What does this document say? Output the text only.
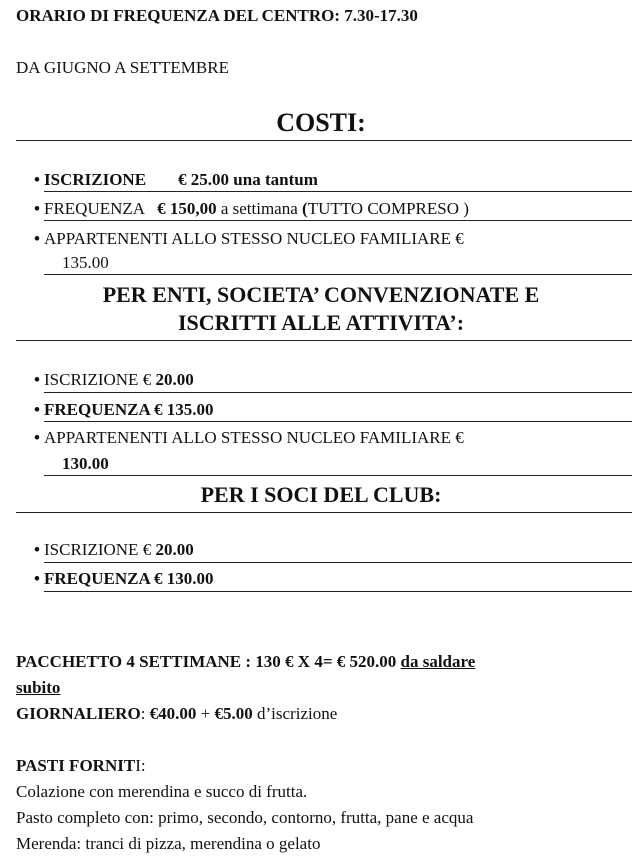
ORARIO DI FREQUENZA DEL CENTRO: 7.30-17.30
DA GIUGNO A SETTEMBRE
COSTI:
• ISCRIZIONE € 25.00 una tantum
• FREQUENZA € 150,00 a settimana (TUTTO COMPRESO )
• APPARTENENTI ALLO STESSO NUCLEO FAMILIARE €
135.00
PER ENTI, SOCIETA’ CONVENZIONATE E
ISCRITTI ALLE ATTIVITA’:
• ISCRIZIONE € 20.00
• FREQUENZA € 135.00
• APPARTENENTI ALLO STESSO NUCLEO FAMILIARE €
130.00
PER I SOCI DEL CLUB:
• ISCRIZIONE € 20.00
• FREQUENZA € 130.00
PACCHETTO 4 SETTIMANE : 130 € X 4= € 520.00 da saldare
subito
GIORNALIERO: €40.00 + €5.00 d’iscrizione
PASTI FORNITI:
Colazione con merendina e succo di frutta.
Pasto completo con: primo, secondo, contorno, frutta, pane e acqua
Merenda: tranci di pizza, merendina o gelato
